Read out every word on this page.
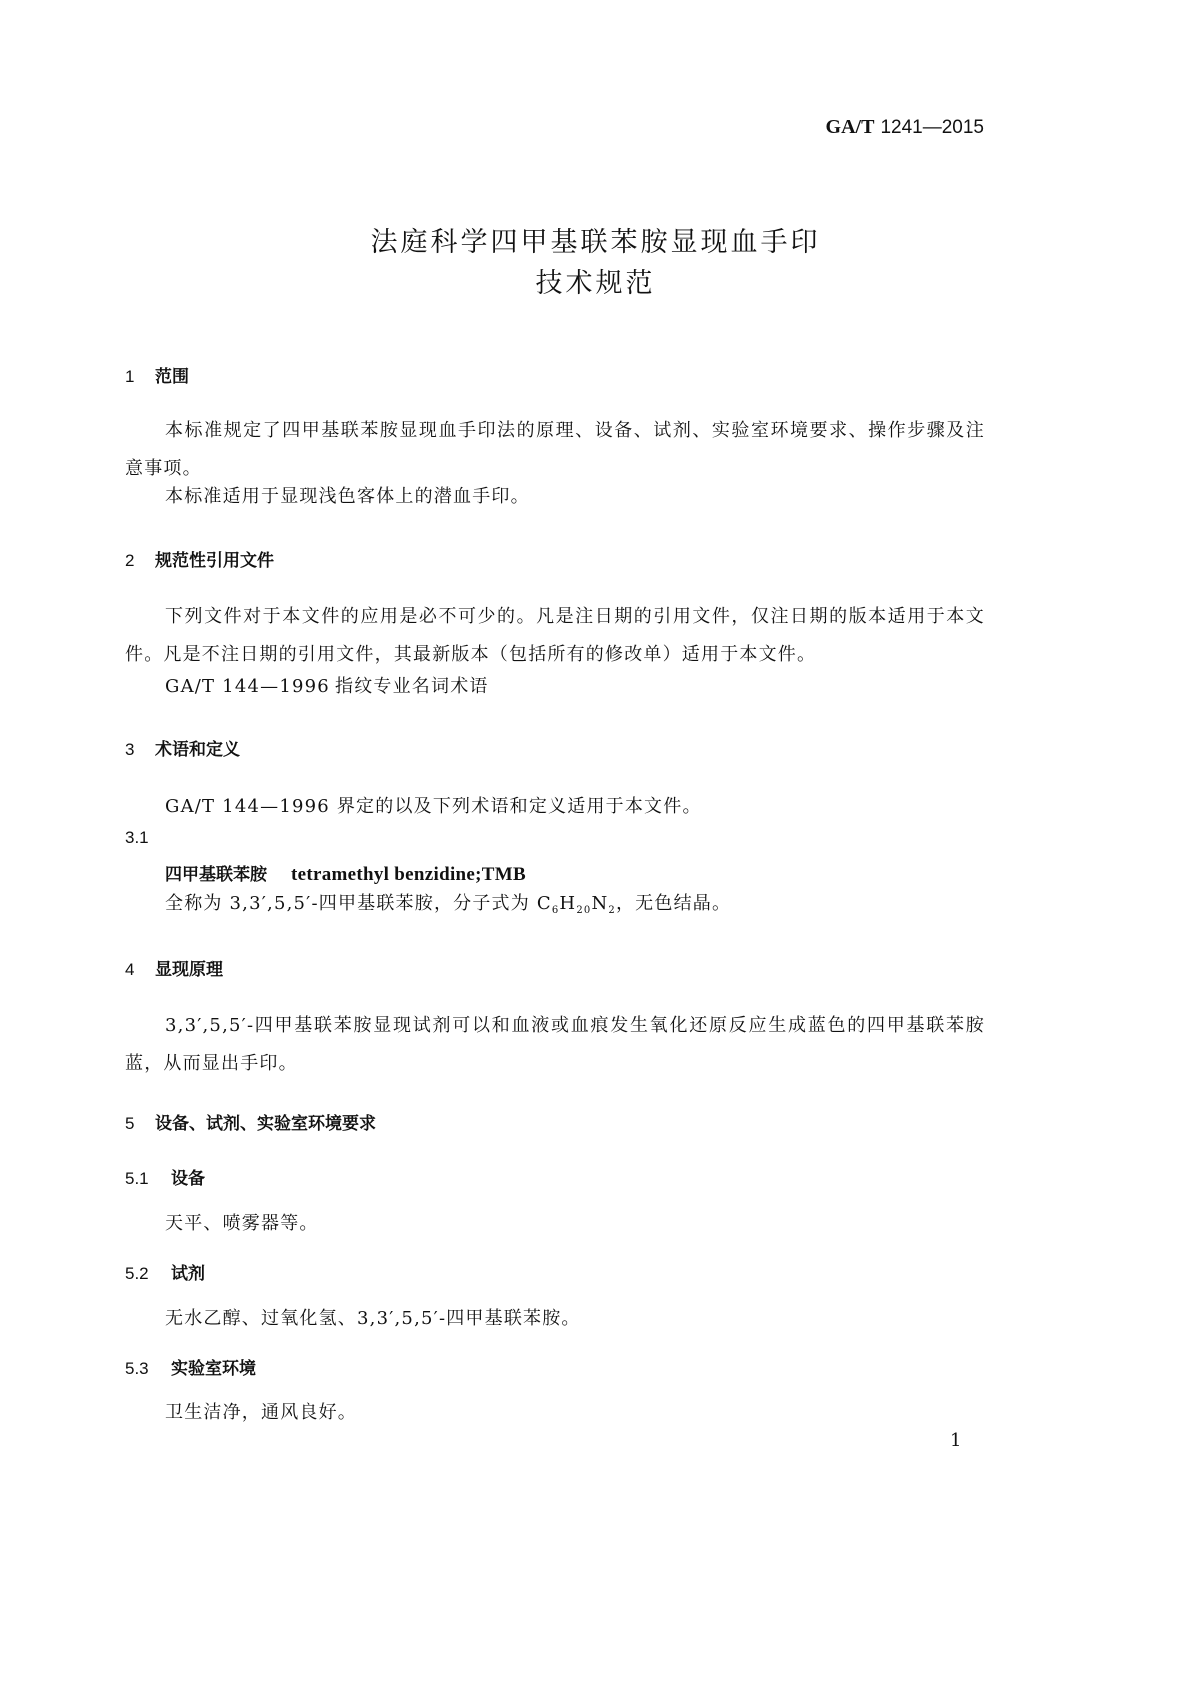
GA/T 1241—2015
法庭科学四甲基联苯胺显现血手印
技术规范
1 范围
本标准规定了四甲基联苯胺显现血手印法的原理、设备、试剂、实验室环境要求、操作步骤及注意事项。
本标准适用于显现浅色客体上的潜血手印。
2 规范性引用文件
下列文件对于本文件的应用是必不可少的。凡是注日期的引用文件，仅注日期的版本适用于本文件。凡是不注日期的引用文件，其最新版本（包括所有的修改单）适用于本文件。
GA/T 144—1996 指纹专业名词术语
3 术语和定义
GA/T 144—1996 界定的以及下列术语和定义适用于本文件。
3.1
四甲基联苯胺 tetramethyl benzidine;TMB
全称为 3,3′,5,5′-四甲基联苯胺，分子式为 $C_6H_{20}N_2$，无色结晶。
4 显现原理
3,3′,5,5′-四甲基联苯胺显现试剂可以和血液或血痕发生氧化还原反应生成蓝色的四甲基联苯胺蓝，从而显出手印。
5 设备、试剂、实验室环境要求
5.1 设备
天平、喷雾器等。
5.2 试剂
无水乙醇、过氧化氢、3,3′,5,5′-四甲基联苯胺。
5.3 实验室环境
卫生洁净，通风良好。
1
